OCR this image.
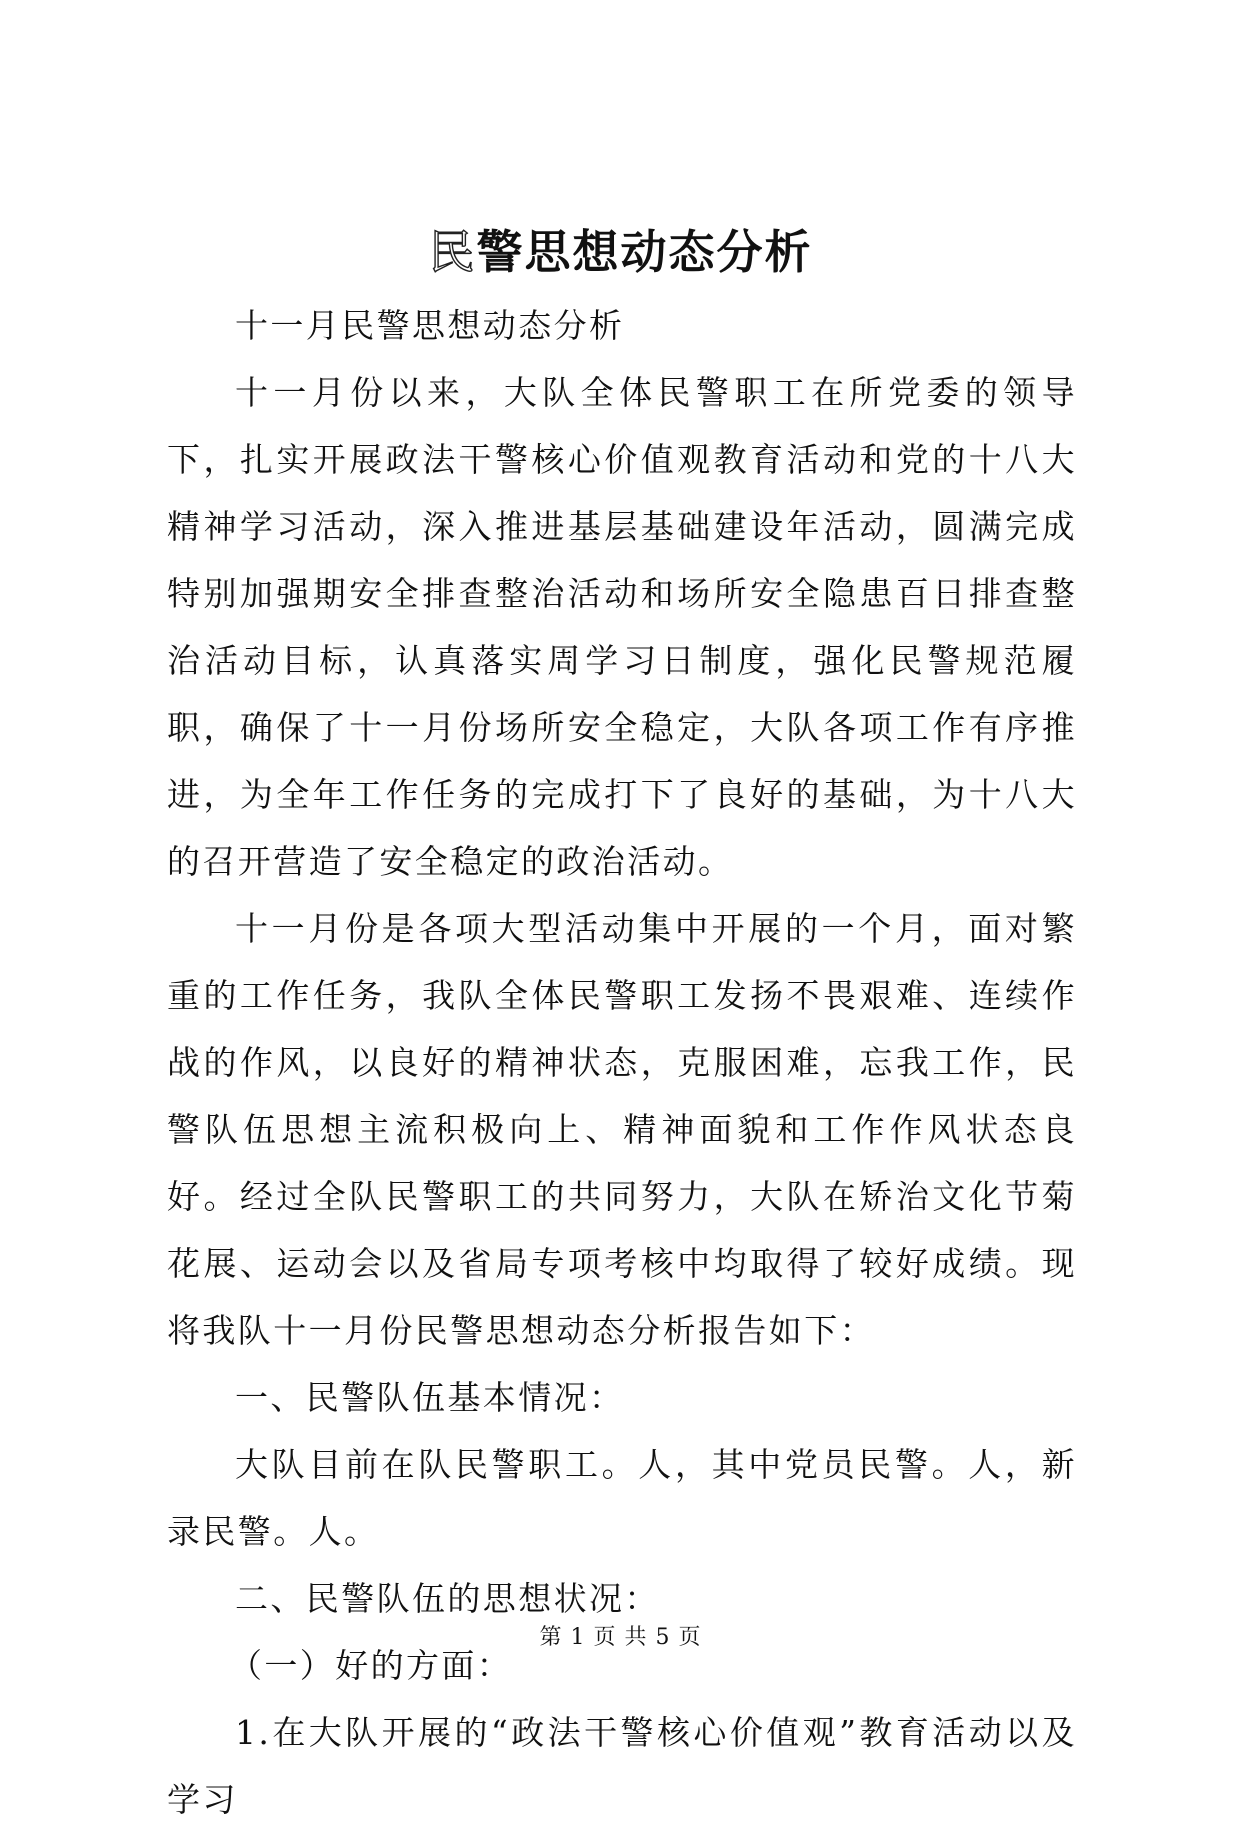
民警思想动态分析

十一月民警思想动态分析

十一月份以来，大队全体民警职工在所党委的领导下，扎实开展政法干警核心价值观教育活动和党的十八大精神学习活动，深入推进基层基础建设年活动，圆满完成特别加强期安全排查整治活动和场所安全隐患百日排查整治活动目标，认真落实周学习日制度，强化民警规范履职，确保了十一月份场所安全稳定，大队各项工作有序推进，为全年工作任务的完成打下了良好的基础，为十八大的召开营造了安全稳定的政治活动。

十一月份是各项大型活动集中开展的一个月，面对繁重的工作任务，我队全体民警职工发扬不畏艰难、连续作战的作风，以良好的精神状态，克服困难，忘我工作，民警队伍思想主流积极向上、精神面貌和工作作风状态良好。经过全队民警职工的共同努力，大队在矫治文化节菊花展、运动会以及省局专项考核中均取得了较好成绩。现将我队十一月份民警思想动态分析报告如下：

一、民警队伍基本情况：

大队目前在队民警职工。人，其中党员民警。人，新录民警。人。

二、民警队伍的思想状况：

（一）好的方面：

1.在大队开展的“政法干警核心价值观”教育活动以及学习

第 1 页 共 5 页
